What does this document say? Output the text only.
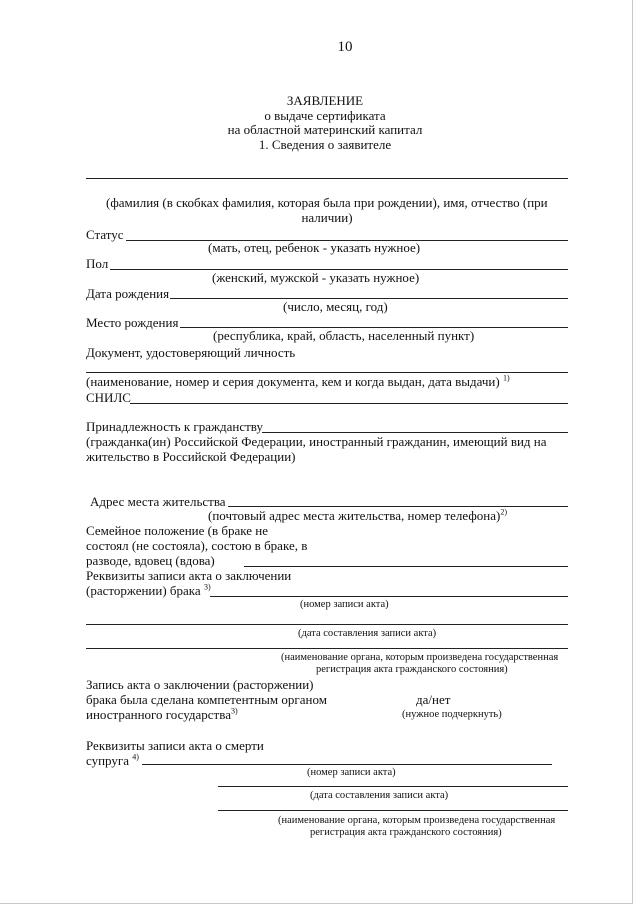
10
ЗАЯВЛЕНИЕ
о выдаче сертификата
на областной материнский капитал
1. Сведения о заявителе
(фамилия (в скобках фамилия, которая была при рождении), имя, отчество (при
наличии)
Статус
(мать, отец, ребенок - указать нужное)
Пол
(женский, мужской - указать нужное)
Дата рождения
(число, месяц, год)
Место рождения
(республика, край, область, населенный пункт)
Документ, удостоверяющий личность
(наименование, номер и серия документа, кем и когда выдан, дата выдачи) $^{1)}$
СНИЛС
Принадлежность к гражданству
(гражданка(ин) Российской Федерации, иностранный гражданин, имеющий вид на
жительство в Российской Федерации)
Адрес места жительства
(почтовый адрес места жительства, номер телефона)$^{2)}$
Семейное положение (в браке не
состоял (не состояла), состою в браке, в
разводе, вдовец (вдова)
Реквизиты записи акта о заключении
(расторжении) брака $^{3)}$
(номер записи акта)
(дата составления записи акта)
(наименование органа, которым произведена государственная
регистрация акта гражданского состояния)
Запись акта о заключении (расторжении)
брака была сделана компетентным органом
иностранного государства$^{3)}$
да/нет
(нужное подчеркнуть)
Реквизиты записи акта о смерти
супруга $^{4)}$
(номер записи акта)
(дата составления записи акта)
(наименование органа, которым произведена государственная
регистрация акта гражданского состояния)
